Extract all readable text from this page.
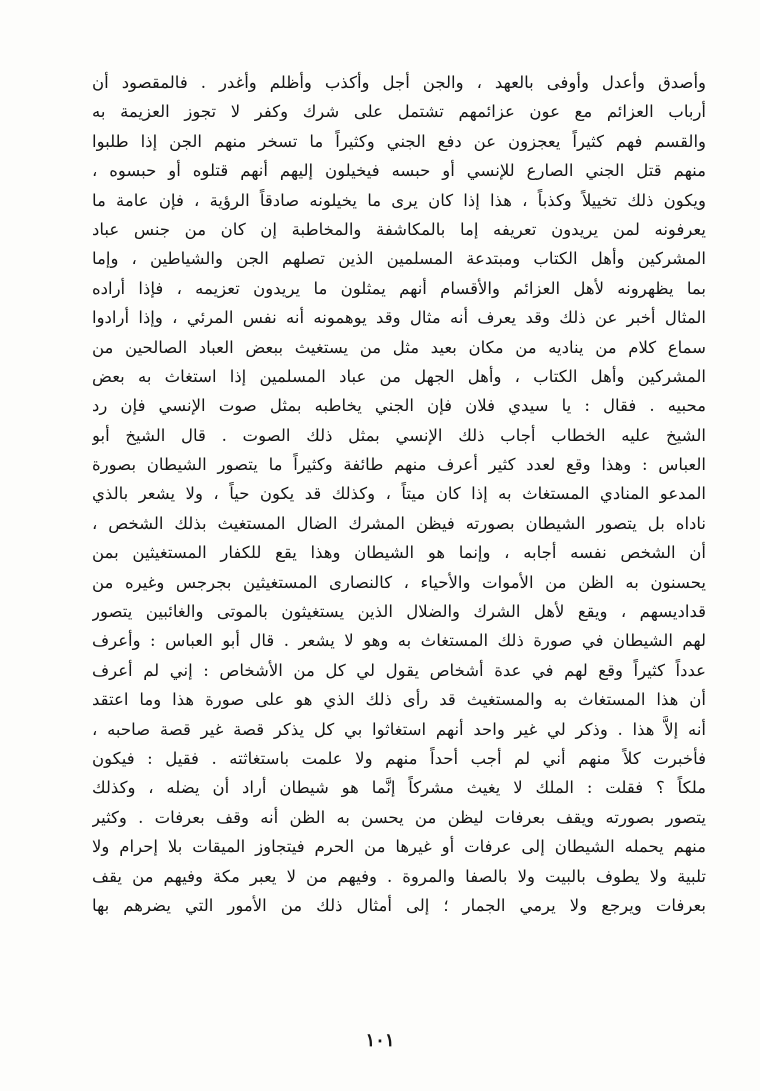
وأصدق وأعدل وأوفى بالعهد ، والجن أجل وأكذب وأظلم وأغدر . فالمقصود أن
أرباب العزائم مع عون عزائمهم تشتمل على شرك وكفر لا تجوز العزيمة به
والقسم فهم كثيراً يعجزون عن دفع الجني وكثيراً ما تسخر منهم الجن إذا طلبوا
منهم قتل الجني الصارع للإنسي أو حبسه فيخيلون إليهم أنهم قتلوه أو حبسوه ،
ويكون ذلك تخييلاً وكذباً ، هذا إذا كان يرى ما يخيلونه صادقاً الرؤية ، فإن عامة ما
يعرفونه لمن يريدون تعريفه إما بالمكاشفة والمخاطبة إن كان من جنس عباد
المشركين وأهل الكتاب ومبتدعة المسلمين الذين تصلهم الجن والشياطين ، وإما
بما يظهرونه لأهل العزائم والأقسام أنهم يمثلون ما يريدون تعزيمه ، فإذا أراده
المثال أخبر عن ذلك وقد يعرف أنه مثال وقد يوهمونه أنه نفس المرئي ، وإذا أرادوا
سماع كلام من يناديه من مكان بعيد مثل من يستغيث ببعض العباد الصالحين من
المشركين وأهل الكتاب ، وأهل الجهل من عباد المسلمين إذا استغاث به بعض
محبيه . فقال : يا سيدي فلان فإن الجني يخاطبه بمثل صوت الإنسي فإن رد
الشيخ عليه الخطاب أجاب ذلك الإنسي بمثل ذلك الصوت . قال الشيخ أبو
العباس : وهذا وقع لعدد كثير أعرف منهم طائفة وكثيراً ما يتصور الشيطان بصورة
المدعو المنادي المستغاث به إذا كان ميتاً ، وكذلك قد يكون حياً ، ولا يشعر بالذي
ناداه بل يتصور الشيطان بصورته فيظن المشرك الضال المستغيث بذلك الشخص ،
أن الشخص نفسه أجابه ، وإنما هو الشيطان وهذا يقع للكفار المستغيثين بمن
يحسنون به الظن من الأموات والأحياء ، كالنصارى المستغيثين بجرجس وغيره من
قداديسهم ، ويقع لأهل الشرك والضلال الذين يستغيثون بالموتى والغائبين يتصور
لهم الشيطان في صورة ذلك المستغاث به وهو لا يشعر . قال أبو العباس : وأعرف
عدداً كثيراً وقع لهم في عدة أشخاص يقول لي كل من الأشخاص : إني لم أعرف
أن هذا المستغاث به والمستغيث قد رأى ذلك الذي هو على صورة هذا وما اعتقد
أنه إلاَّ هذا . وذكر لي غير واحد أنهم استغاثوا بي كل يذكر قصة غير قصة صاحبه ،
فأخبرت كلاً منهم أني لم أجب أحداً منهم ولا علمت باستغاثته . فقيل : فيكون
ملكاً ؟ فقلت : الملك لا يغيث مشركاً إنَّما هو شيطان أراد أن يضله ، وكذلك
يتصور بصورته ويقف بعرفات ليظن من يحسن به الظن أنه وقف بعرفات . وكثير
منهم يحمله الشيطان إلى عرفات أو غيرها من الحرم فيتجاوز الميقات بلا إحرام ولا
تلبية ولا يطوف بالبيت ولا بالصفا والمروة . وفيهم من لا يعبر مكة وفيهم من يقف
بعرفات ويرجع ولا يرمي الجمار ؛ إلى أمثال ذلك من الأمور التي يضرهم بها
١٠١
